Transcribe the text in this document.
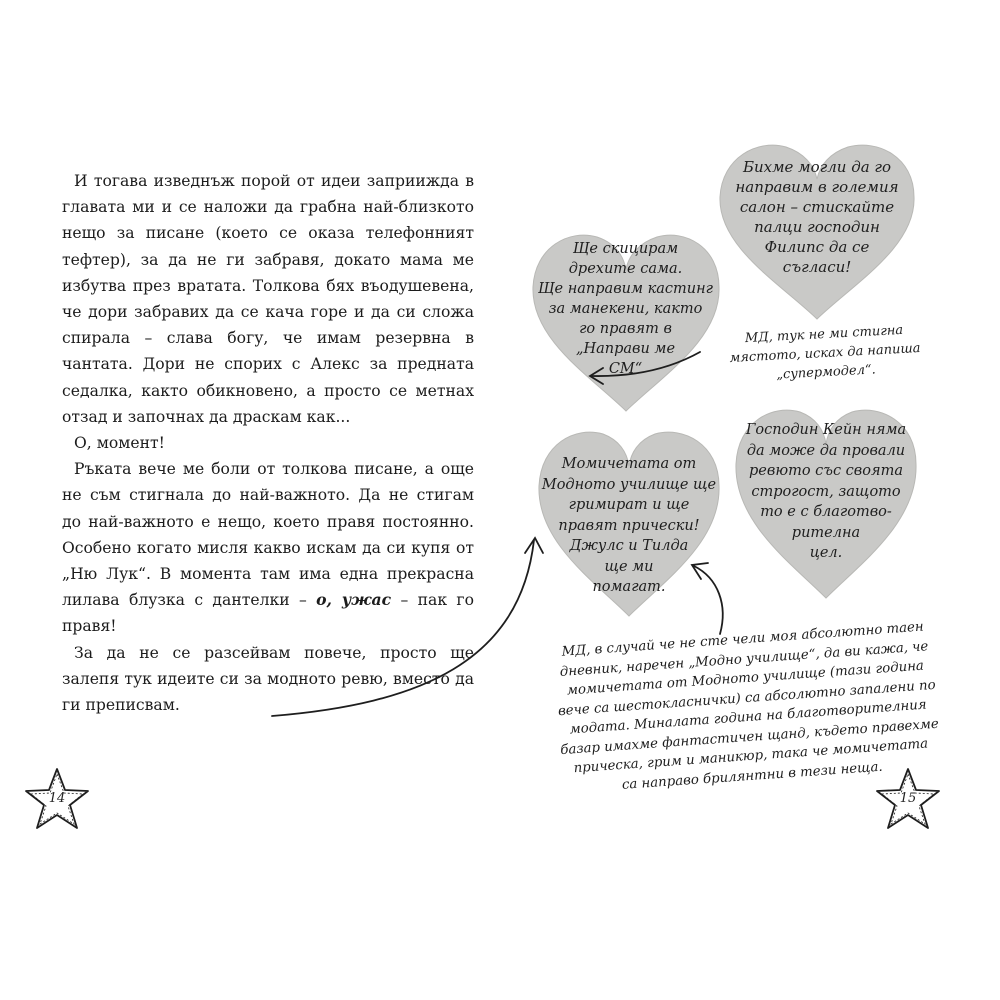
И тогава изведнъж порой от идеи заприижда в главата ми и се наложи да грабна най-близкото нещо за писане (което се оказа телефонният тефтер), за да не ги забравя, докато мама ме избутва през вратата. Толкова бях въодушевена, че дори забравих да се кача горе и да си сложа спирала – слава богу, че имам резервна в чантата. Дори не спорих с Алекс за предната седалка, както обикновено, а просто се метнах отзад и започнах да драскам как...

О, момент!

Ръката вече ме боли от толкова писане, а още не съм стигнала до най-важното. Да не стигам до най-важното е нещо, което правя постоянно. Особено когато мисля какво искам да си купя от „Ню Лук“. В момента там има една прекрасна лилава блузка с дантелки – о, ужас – пак го правя!

За да не се разсейвам повече, просто ще залепя тук идеите си за модното ревю, вместо да ги преписвам.

Бихме могли да го
направим в големия
салон – стискайте
палци господин
Филипс да се
съгласи!
Ще скицирам
дрехите сама.
Ще направим кастинг
за манекени, както
го правят в
„Направи ме
СМ“
Момичетата от
Модното училище ще
гримират и ще
правят прически!
Джулс и Тилда
ще ми
помагат.
Господин Кейн няма
да може да провали
ревюто със своята
строгост, защото
то е с благотво-
рителна
цел.
МД, тук не ми стигна
мястото, исках да напиша
„супермодел“.
МД, в случай че не сте чели моя абсолютно таен
дневник, наречен „Модно училище“, да ви кажа, че
момичетата от Модното училище (тази година
вече са шестокласнички) са абсолютно запалени по
модата. Миналата година на благотворителния
базар имахме фантастичен щанд, където правехме
прическа, грим и маникюр, така че момичетата
са направо брилянтни в тези неща.
14	15
